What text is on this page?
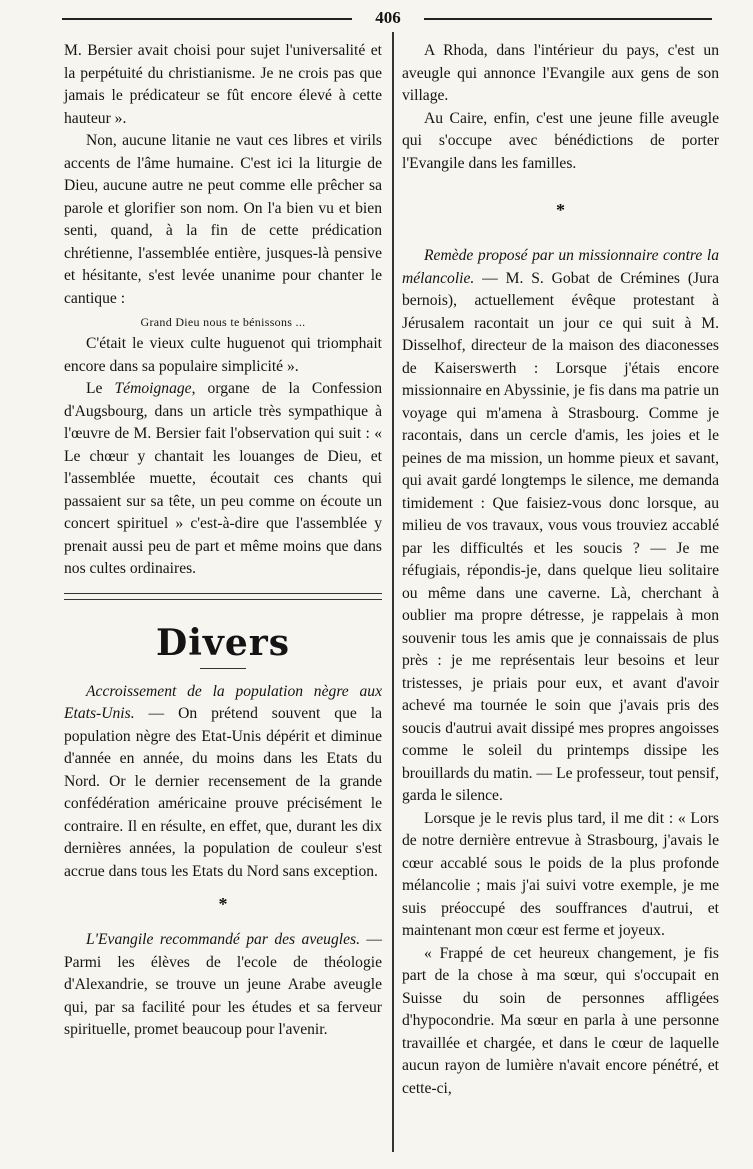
406

M. Bersier avait choisi pour sujet l'universalité et la perpétuité du christianisme. Je ne crois pas que jamais le prédicateur se fût encore élevé à cette hauteur ».

Non, aucune litanie ne vaut ces libres et virils accents de l'âme humaine. C'est ici la liturgie de Dieu, aucune autre ne peut comme elle prêcher sa parole et glorifier son nom. On l'a bien vu et bien senti, quand, à la fin de cette prédication chrétienne, l'assemblée entière, jusques-là pensive et hésitante, s'est levée unanime pour chanter le cantique :

Grand Dieu nous te bénissons ...

C'était le vieux culte huguenot qui triomphait encore dans sa populaire simplicité ».

Le Témoignage, organe de la Confession d'Augsbourg, dans un article très sympathique à l'œuvre de M. Bersier fait l'observation qui suit : « Le chœur y chantait les louanges de Dieu, et l'assemblée muette, écoutait ces chants qui passaient sur sa tête, un peu comme on écoute un concert spirituel » c'est-à-dire que l'assemblée y prenait aussi peu de part et même moins que dans nos cultes ordinaires.

Divers

Accroissement de la population nègre aux Etats-Unis. — On prétend souvent que la population nègre des Etat-Unis dépérit et diminue d'année en année, du moins dans les Etats du Nord. Or le dernier recensement de la grande confédération américaine prouve précisément le contraire. Il en résulte, en effet, que, durant les dix dernières années, la population de couleur s'est accrue dans tous les Etats du Nord sans exception.

*

L'Evangile recommandé par des aveugles. — Parmi les élèves de l'ecole de théologie d'Alexandrie, se trouve un jeune Arabe aveugle qui, par sa facilité pour les études et sa ferveur spirituelle, promet beaucoup pour l'avenir.

A Rhoda, dans l'intérieur du pays, c'est un aveugle qui annonce l'Evangile aux gens de son village.

Au Caire, enfin, c'est une jeune fille aveugle qui s'occupe avec bénédictions de porter l'Evangile dans les familles.

*

Remède proposé par un missionnaire contre la mélancolie. — M. S. Gobat de Crémines (Jura bernois), actuellement évêque protestant à Jérusalem racontait un jour ce qui suit à M. Disselhof, directeur de la maison des diaconesses de Kaiserswerth : Lorsque j'étais encore missionnaire en Abyssinie, je fis dans ma patrie un voyage qui m'amena à Strasbourg. Comme je racontais, dans un cercle d'amis, les joies et le peines de ma mission, un homme pieux et savant, qui avait gardé longtemps le silence, me demanda timidement : Que faisiez-vous donc lorsque, au milieu de vos travaux, vous vous trouviez accablé par les difficultés et les soucis ? — Je me réfugiais, répondis-je, dans quelque lieu solitaire ou même dans une caverne. Là, cherchant à oublier ma propre détresse, je rappelais à mon souvenir tous les amis que je connaissais de plus près : je me représentais leur besoins et leur tristesses, je priais pour eux, et avant d'avoir achevé ma tournée le soin que j'avais pris des soucis d'autrui avait dissipé mes propres angoisses comme le soleil du printemps dissipe les brouillards du matin. — Le professeur, tout pensif, garda le silence.

Lorsque je le revis plus tard, il me dit : « Lors de notre dernière entrevue à Strasbourg, j'avais le cœur accablé sous le poids de la plus profonde mélancolie ; mais j'ai suivi votre exemple, je me suis préoccupé des souffrances d'autrui, et maintenant mon cœur est ferme et joyeux.

« Frappé de cet heureux changement, je fis part de la chose à ma sœur, qui s'occupait en Suisse du soin de personnes affligées d'hypocondrie. Ma sœur en parla à une personne travaillée et chargée, et dans le cœur de laquelle aucun rayon de lumière n'avait encore pénétré, et cette-ci,
